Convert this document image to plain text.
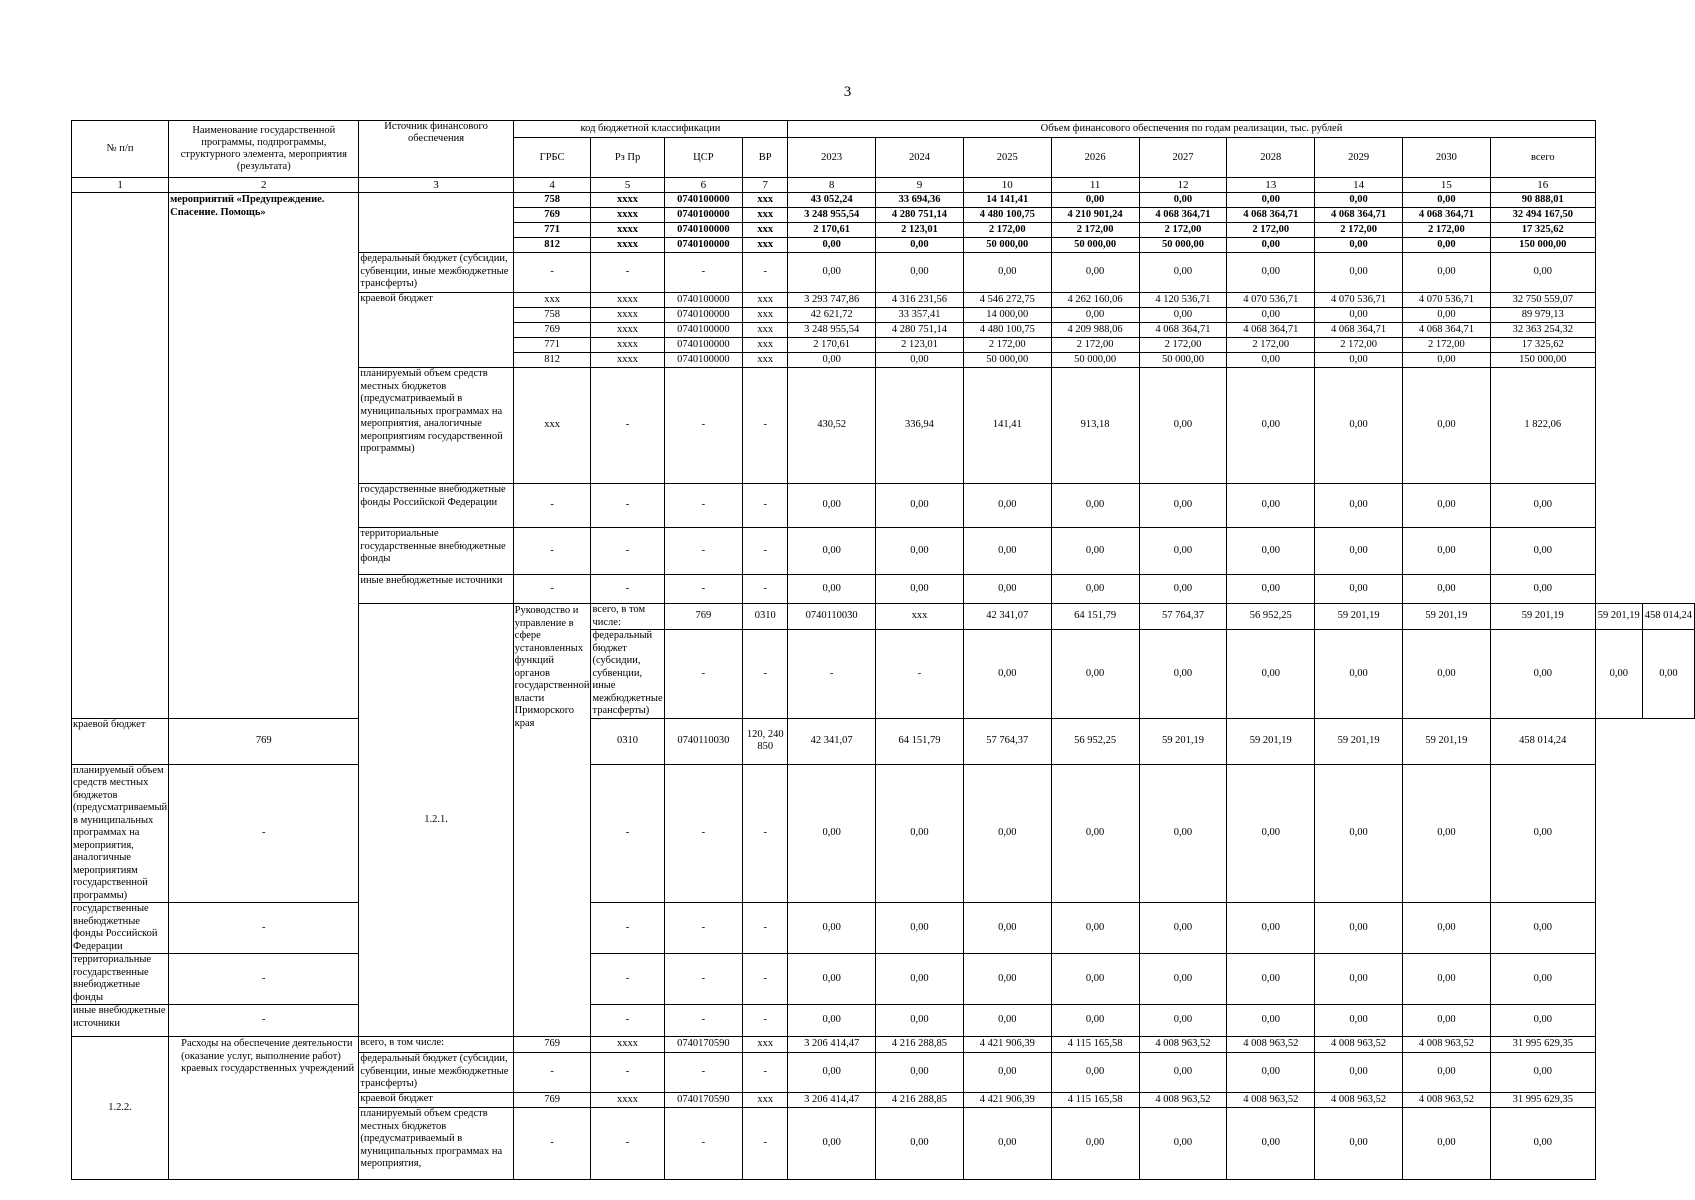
3
№ п/п	Наименование государственной программы, подпрограммы, структурного элемента, мероприятия (результата)	Источник финансового обеспечения	код бюджетной классификации				Объем финансового обеспечения по годам реализации, тыс. рублей										
			ГРБС	Рз Пр	ЦСР	ВР	2023	2024	2025	2026	2027	2028	2029	2030	всего		

1	2	3	4	5	6	7	8	9	10	11	12	13	14	15	16		
	мероприятий «Предупреждение. Спасение. Помощь»		758	xxxx	0740100000	xxx	43 052,24	33 694,36	14 141,41	0,00	0,00	0,00	0,00	0,00	90 888,01		
			769	xxxx	0740100000	xxx	3 248 955,54	4 280 751,14	4 480 100,75	4 210 901,24	4 068 364,71	4 068 364,71	4 068 364,71	4 068 364,71	32 494 167,50		
			771	xxxx	0740100000	xxx	2 170,61	2 123,01	2 172,00	2 172,00	2 172,00	2 172,00	2 172,00	2 172,00	17 325,62		
			812	xxxx	0740100000	xxx	0,00	0,00	50 000,00	50 000,00	50 000,00	0,00	0,00	0,00	150 000,00		
		федеральный бюджет (субсидии, субвенции, иные межбюджетные трансферты)	-	-	-	-	0,00	0,00	0,00	0,00	0,00	0,00	0,00	0,00	0,00		
		краевой бюджет	xxx	xxxx	0740100000	xxx	3 293 747,86	4 316 231,56	4 546 272,75	4 262 160,06	4 120 536,71	4 070 536,71	4 070 536,71	4 070 536,71	32 750 559,07		
			758	xxxx	0740100000	xxx	42 621,72	33 357,41	14 000,00	0,00	0,00	0,00	0,00	0,00	89 979,13		
			769	xxxx	0740100000	xxx	3 248 955,54	4 280 751,14	4 480 100,75	4 209 988,06	4 068 364,71	4 068 364,71	4 068 364,71	4 068 364,71	32 363 254,32		
			771	xxxx	0740100000	xxx	2 170,61	2 123,01	2 172,00	2 172,00	2 172,00	2 172,00	2 172,00	2 172,00	17 325,62		
			812	xxxx	0740100000	xxx	0,00	0,00	50 000,00	50 000,00	50 000,00	0,00	0,00	0,00	150 000,00		
		планируемый объем средств местных бюджетов (предусматриваемый в муниципальных программах на мероприятия, аналогичные мероприятиям государственной программы)	xxx	-	-	-	430,52	336,94	141,41	913,18	0,00	0,00	0,00	0,00	1 822,06		
		государственные внебюджетные фонды Российской Федерации	-	-	-	-	0,00	0,00	0,00	0,00	0,00	0,00	0,00	0,00	0,00		
		территориальные государственные внебюджетные фонды	-	-	-	-	0,00	0,00	0,00	0,00	0,00	0,00	0,00	0,00	0,00		
		иные внебюджетные источники	-	-	-	-	0,00	0,00	0,00	0,00	0,00	0,00	0,00	0,00	0,00		
		1.2.1.	Руководство и управление в сфере установленных функций органов государственной власти Приморского края	всего, в том числе:	769	0310	0740110030	xxx	42 341,07	64 151,79	57 764,37	56 952,25	59 201,19	59 201,19	59 201,19	59 201,19	458 014,24
				федеральный бюджет (субсидии, субвенции, иные межбюджетные трансферты)	-	-	-	-	0,00	0,00	0,00	0,00	0,00	0,00	0,00	0,00	0,00
краевой бюджет	769			0310	0740110030	120, 240 850	42 341,07	64 151,79	57 764,37	56 952,25	59 201,19	59 201,19	59 201,19	59 201,19	458 014,24		
планируемый объем средств местных бюджетов (предусматриваемый в муниципальных программах на мероприятия, аналогичные мероприятиям государственной программы)	-			-	-	-	0,00	0,00	0,00	0,00	0,00	0,00	0,00	0,00	0,00		
государственные внебюджетные фонды Российской Федерации	-			-	-	-	0,00	0,00	0,00	0,00	0,00	0,00	0,00	0,00	0,00		
территориальные государственные внебюджетные фонды	-			-	-	-	0,00	0,00	0,00	0,00	0,00	0,00	0,00	0,00	0,00		
иные внебюджетные источники	-			-	-	-	0,00	0,00	0,00	0,00	0,00	0,00	0,00	0,00	0,00		
1.2.2.	Расходы на обеспечение деятельности (оказание услуг, выполнение работ) краевых государственных учреждений	всего, в том числе:	769	xxxx	0740170590	xxx	3 206 414,47	4 216 288,85	4 421 906,39	4 115 165,58	4 008 963,52	4 008 963,52	4 008 963,52	4 008 963,52	31 995 629,35		
		федеральный бюджет (субсидии, субвенции, иные межбюджетные трансферты)	-	-	-	-	0,00	0,00	0,00	0,00	0,00	0,00	0,00	0,00	0,00		
		краевой бюджет	769	xxxx	0740170590	xxx	3 206 414,47	4 216 288,85	4 421 906,39	4 115 165,58	4 008 963,52	4 008 963,52	4 008 963,52	4 008 963,52	31 995 629,35		
		планируемый объем средств местных бюджетов (предусматриваемый в муниципальных программах на мероприятия,	-	-	-	-	0,00	0,00	0,00	0,00	0,00	0,00	0,00	0,00	0,00		
